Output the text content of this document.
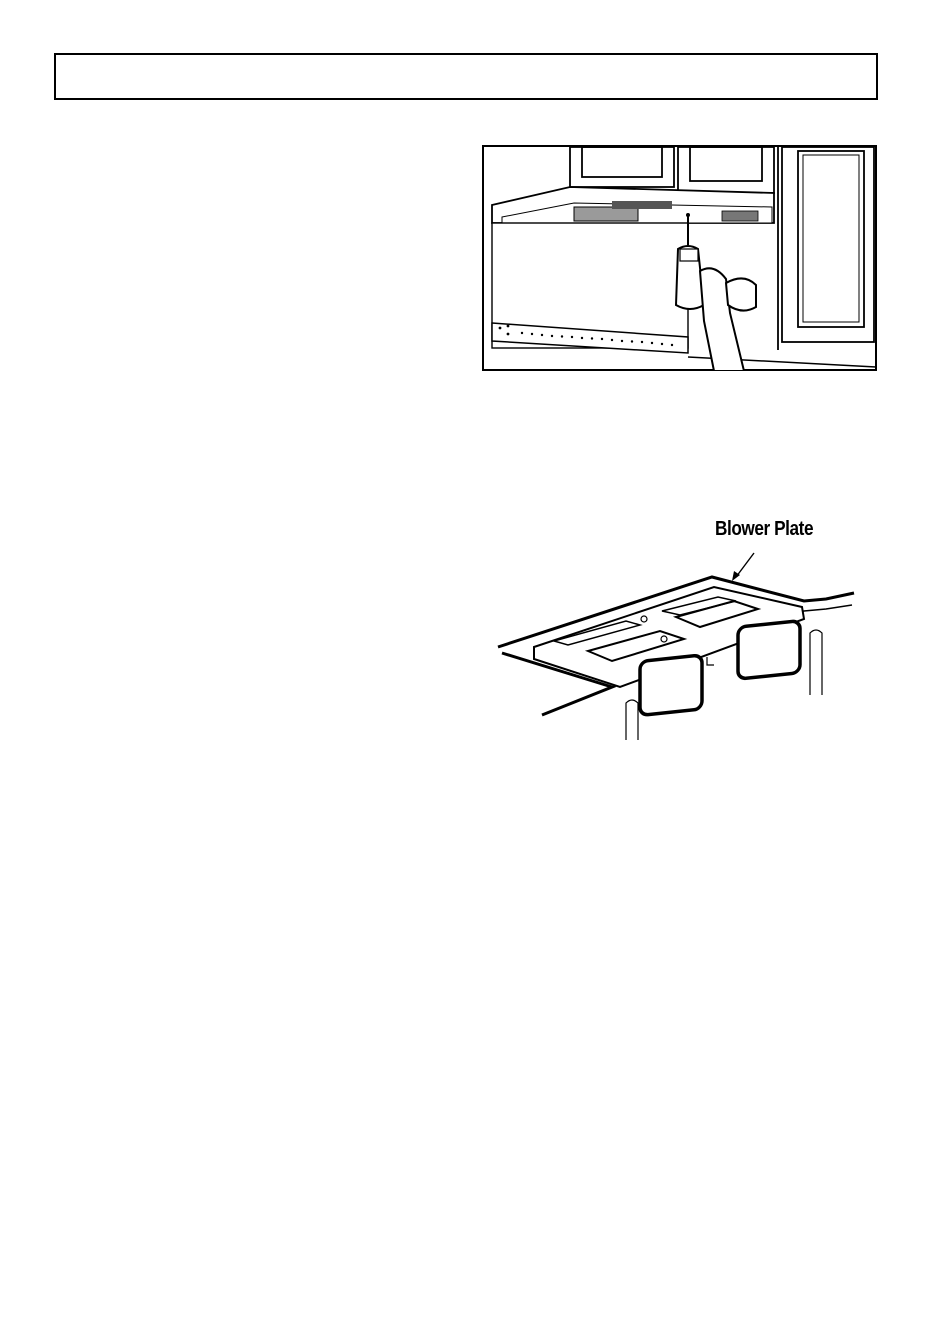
Blower Plate
